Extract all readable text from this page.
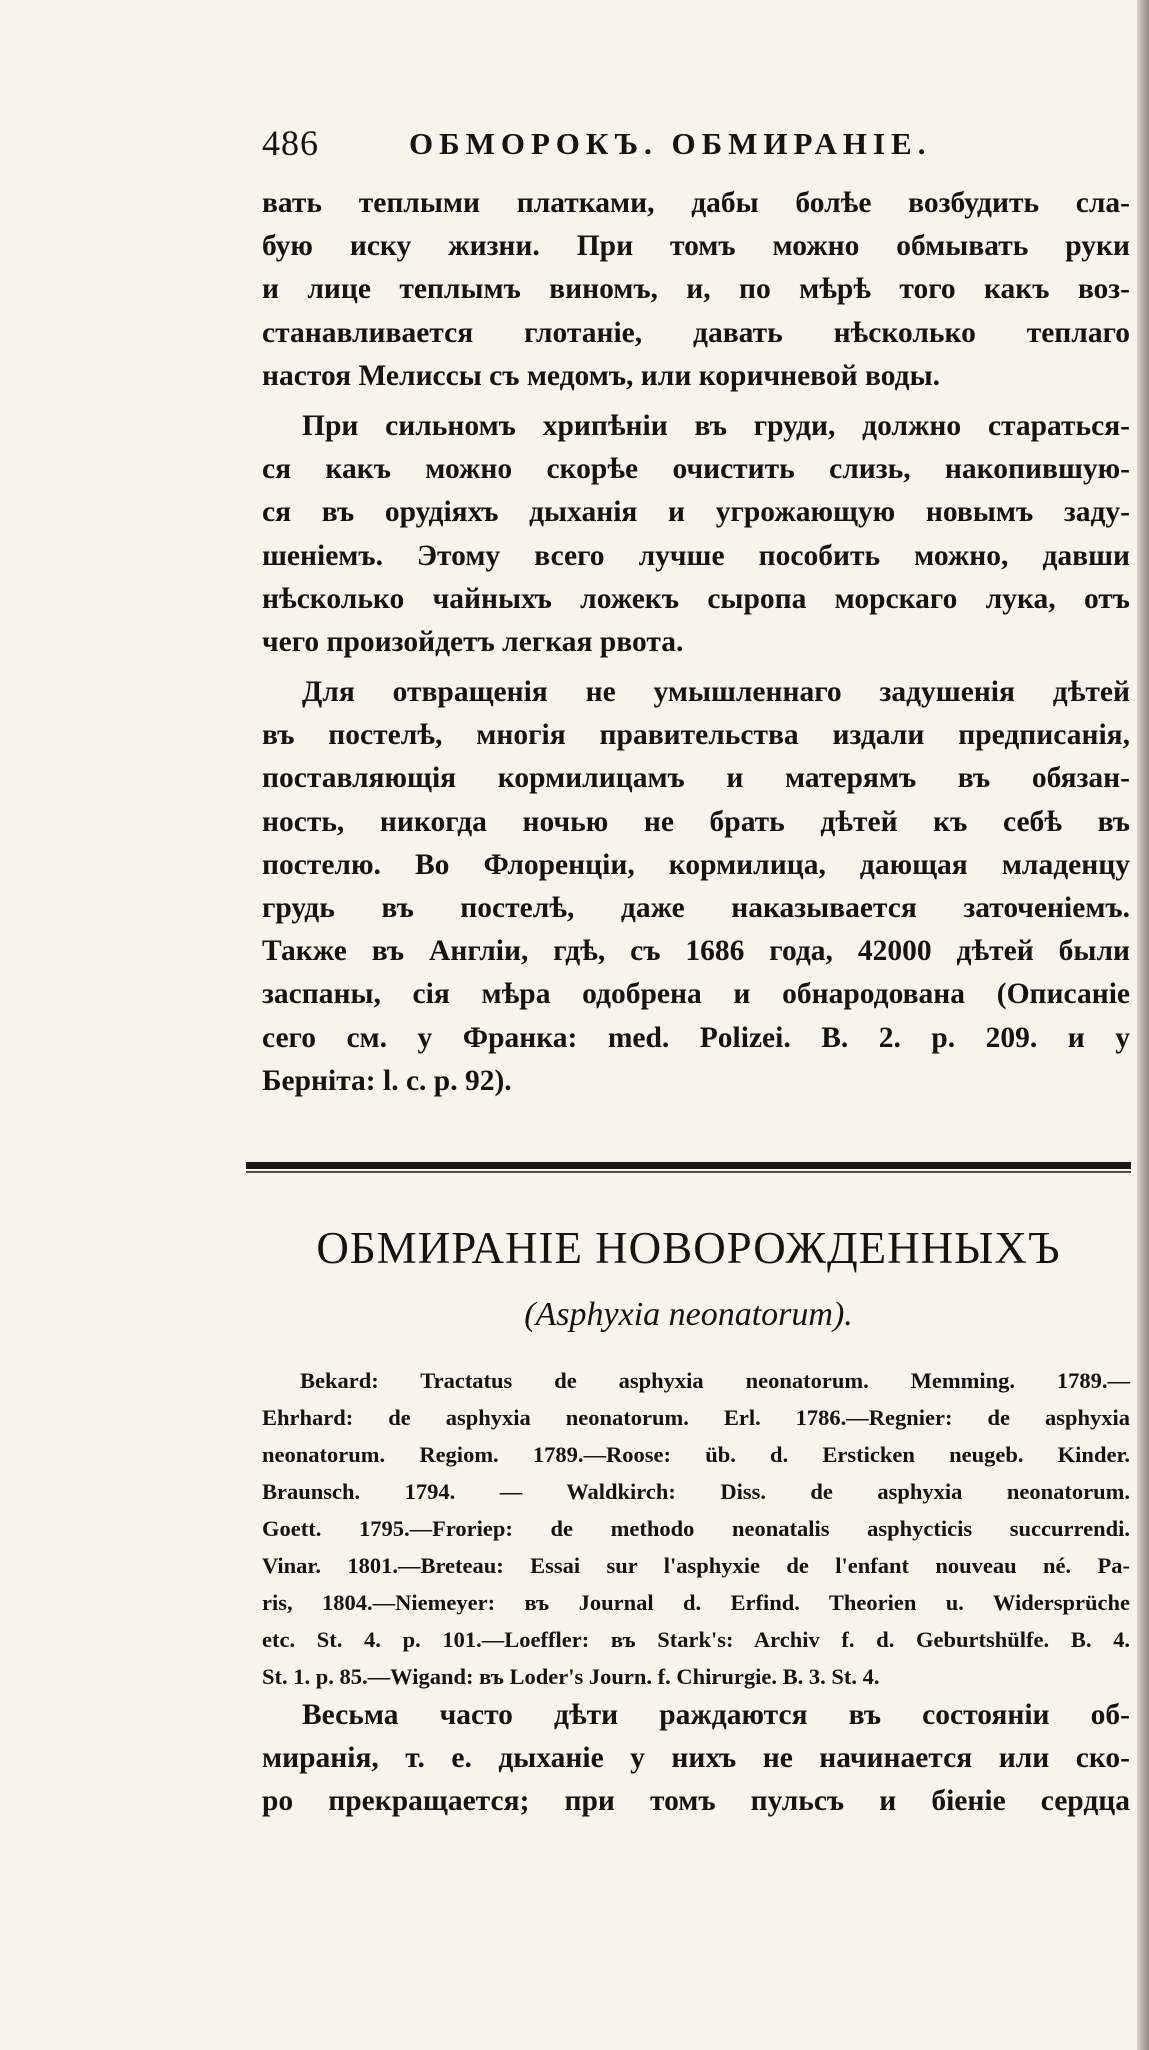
486	ОБМОРОКЪ. ОБМИРАНІЕ.
вать теплыми платками, дабы болѣе возбудить сла-
бую иску жизни. При томъ можно обмывать руки
и лице теплымъ виномъ, и, по мѣрѣ того какъ воз-
станавливается глотаніе, давать нѣсколько теплаго
настоя Мелиссы съ медомъ, или коричневой воды.
При сильномъ хрипѣніи въ груди, должно стараться-
ся какъ можно скорѣе очистить слизь, накопившую-
ся въ орудіяхъ дыханія и угрожающую новымъ заду-
шеніемъ. Этому всего лучше пособить можно, давши
нѣсколько чайныхъ ложекъ сыропа морскаго лука, отъ
чего произойдетъ легкая рвота.
Для отвращенія не умышленнаго задушенія дѣтей
въ постелѣ, многія правительства издали предписанія,
поставляющія кормилицамъ и матерямъ въ обязан-
ность, никогда ночью не брать дѣтей къ себѣ въ
постелю. Во Флоренціи, кормилица, дающая младенцу
грудь въ постелѣ, даже наказывается заточеніемъ.
Также въ Англіи, гдѣ, съ 1686 года, 42000 дѣтей были
заспаны, сія мѣра одобрена и обнародована (Описаніе
сего см. у Франка: med. Polizei. B. 2. p. 209. и у
Берніта: l. c. p. 92).
ОБМИРАНІЕ НОВОРОЖДЕННЫХЪ
(Asphyxia neonatorum).
Bekard: Tractatus de asphyxia neonatorum. Memming. 1789.—
Ehrhard: de asphyxia neonatorum. Erl. 1786.—Regnier: de asphyxia
neonatorum. Regiom. 1789.—Roose: üb. d. Ersticken neugeb. Kinder.
Braunsch. 1794. — Waldkirch: Diss. de asphyxia neonatorum.
Goett. 1795.—Froriep: de methodo neonatalis asphycticis succurrendi.
Vinar. 1801.—Breteau: Essai sur l'asphyxie de l'enfant nouveau né. Pa-
ris, 1804.—Niemeyer: въ Journal d. Erfind. Theorien u. Widersprüche
etc. St. 4. p. 101.—Loeffler: въ Stark's: Archiv f. d. Geburtshülfe. B. 4.
St. 1. p. 85.—Wigand: въ Loder's Journ. f. Chirurgie. B. 3. St. 4.
Весьма часто дѣти раждаются въ состояніи об-
миранія, т. е. дыханіе у нихъ не начинается или ско-
ро прекращается; при томъ пульсъ и біеніе сердца
